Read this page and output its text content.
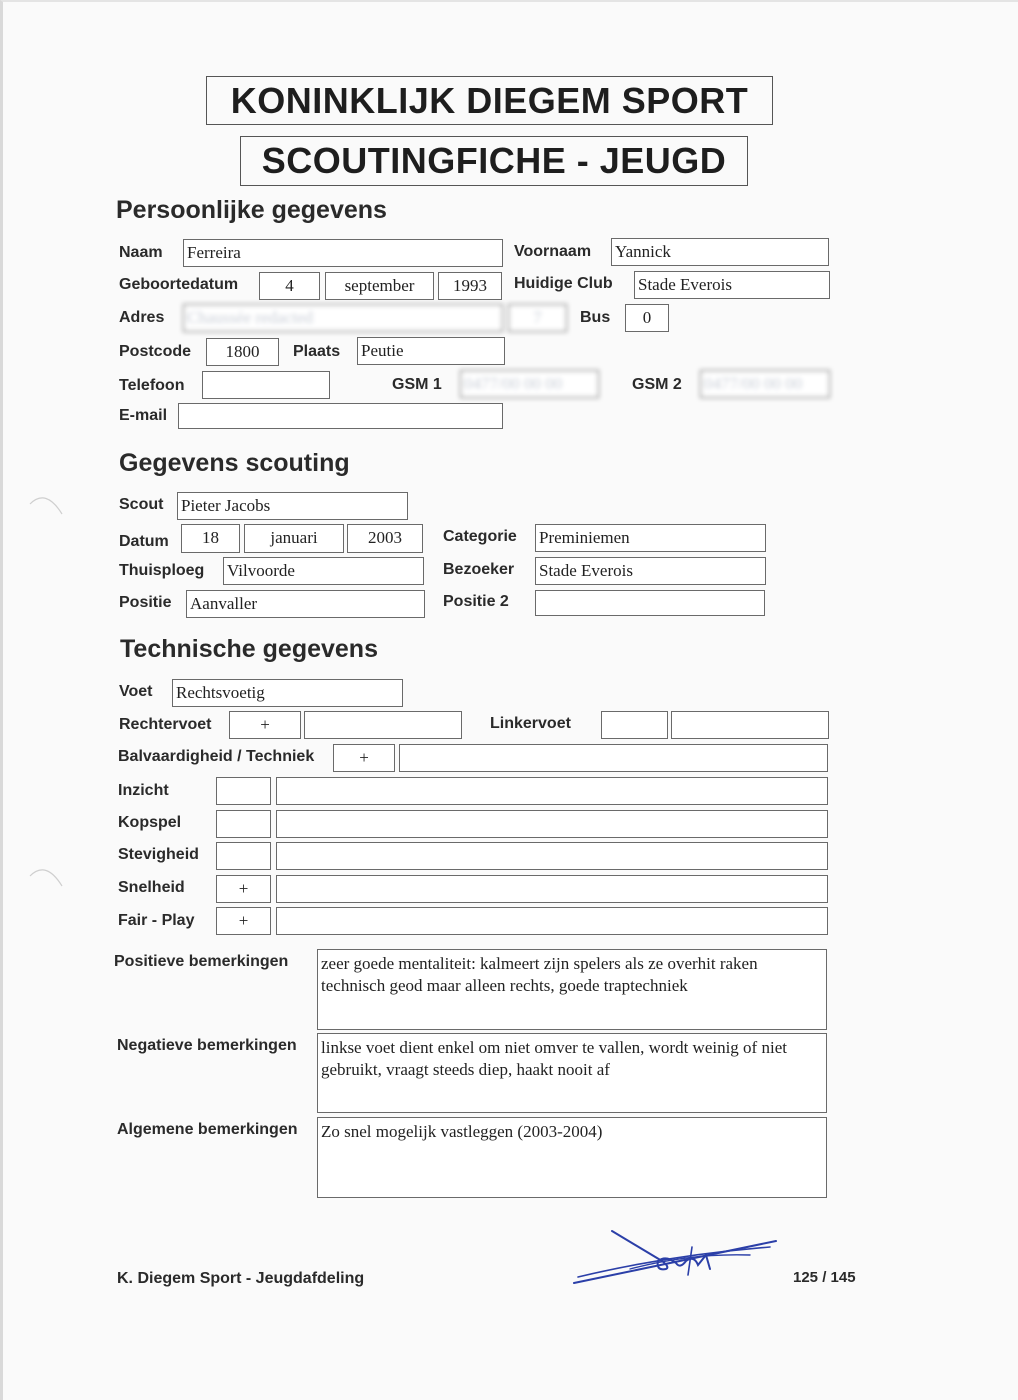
KONINKLIJK DIEGEM SPORT
SCOUTINGFICHE - JEUGD
Persoonlijke gegevens
Naam Ferreira	Voornaam Yannick
Geboortedatum	4	september	1993	Huidige Club Stade Everois
Adres Chaussée redacted	7	Bus	0
Postcode	1800	Plaats Peutie
Telefoon	GSM 1 0477/00 00 00	GSM 2 0477/00 00 00
E-mail
Gegevens scouting
Scout Pieter Jacobs
Datum	18	januari	2003	Categorie Preminiemen
Thuisploeg Vilvoorde	Bezoeker Stade Everois
Positie Aanvaller	Positie 2
Technische gegevens
Voet Rechtsvoetig
Rechtervoet	+	Linkervoet
Balvaardigheid / Techniek	+
Inzicht
Kopspel
Stevigheid
Snelheid	+
Fair - Play	+
Positieve bemerkingen zeer goede mentaliteit: kalmeert zijn spelers als ze overhit raken technisch geod maar alleen rechts, goede traptechniek
Negatieve bemerkingen linkse voet dient enkel om niet omver te vallen, wordt weinig of niet gebruikt, vraagt steeds diep, haakt nooit af
Algemene bemerkingen Zo snel mogelijk vastleggen (2003-2004)
K. Diegem Sport - Jeugdafdeling	125 / 145
